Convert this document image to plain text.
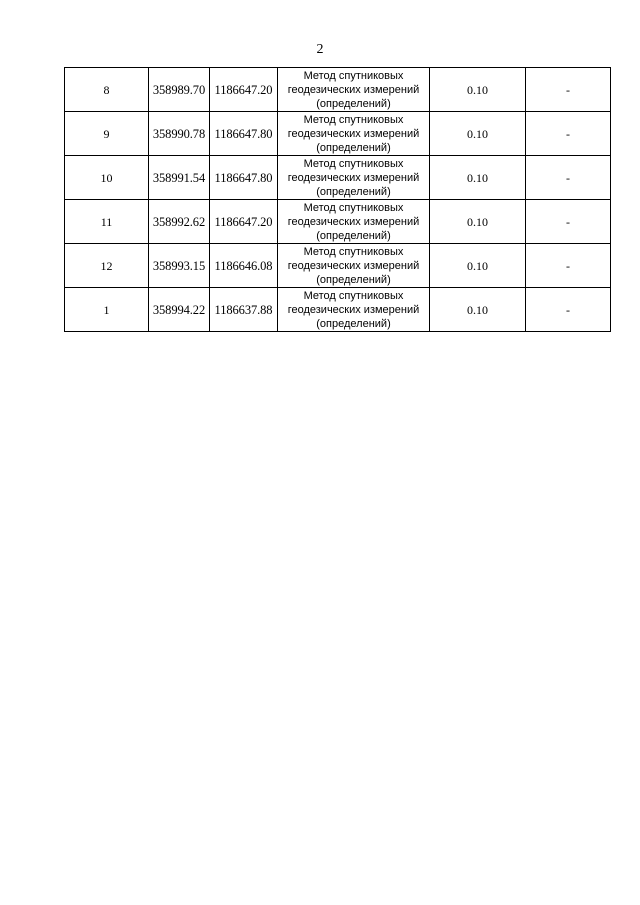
2
8	358989.70	1186647.20	Метод спутниковых
геодезических измерений
(определений)	0.10	-
9	358990.78	1186647.80	Метод спутниковых
геодезических измерений
(определений)	0.10	-
10	358991.54	1186647.80	Метод спутниковых
геодезических измерений
(определений)	0.10	-
11	358992.62	1186647.20	Метод спутниковых
геодезических измерений
(определений)	0.10	-
12	358993.15	1186646.08	Метод спутниковых
геодезических измерений
(определений)	0.10	-
1	358994.22	1186637.88	Метод спутниковых
геодезических измерений
(определений)	0.10	-
